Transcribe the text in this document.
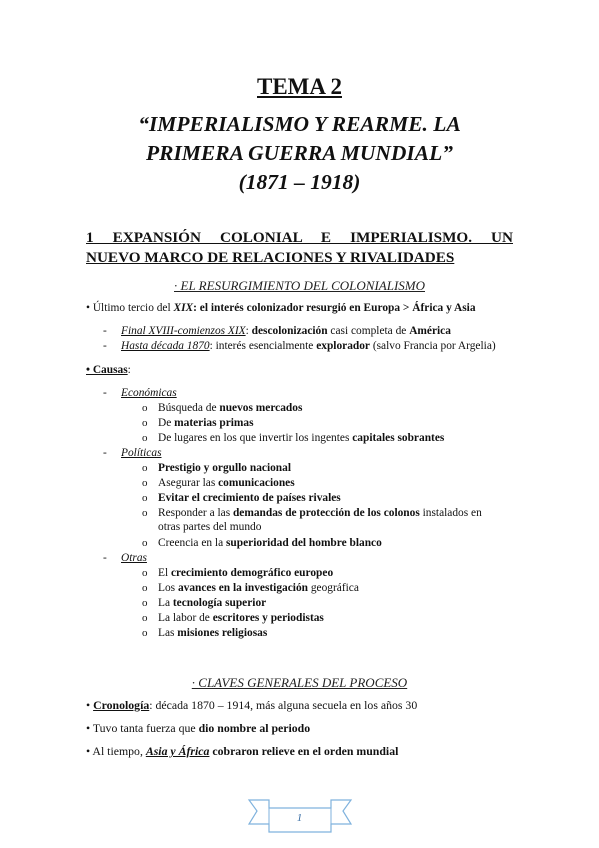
TEMA 2
“IMPERIALISMO Y REARME. LA
PRIMERA GUERRA MUNDIAL”
(1871 – 1918)
1 EXPANSIÓN COLONIAL E IMPERIALISMO. UN
NUEVO MARCO DE RELACIONES Y RIVALIDADES
· EL RESURGIMIENTO DEL COLONIALISMO
• Último tercio del XIX: el interés colonizador resurgió en Europa > África y Asia
- Final XVIII-comienzos XIX: descolonización casi completa de América
- Hasta década 1870: interés esencialmente explorador (salvo Francia por Argelia)
• Causas:
- Económicas
o Búsqueda de nuevos mercados
o De materias primas
o De lugares en los que invertir los ingentes capitales sobrantes
- Políticas
o Prestigio y orgullo nacional
o Asegurar las comunicaciones
o Evitar el crecimiento de países rivales
o Responder a las demandas de protección de los colonos instalados en
otras partes del mundo
o Creencia en la superioridad del hombre blanco
- Otras
o El crecimiento demográfico europeo
o Los avances en la investigación geográfica
o La tecnología superior
o La labor de escritores y periodistas
o Las misiones religiosas
· CLAVES GENERALES DEL PROCESO
• Cronología: década 1870 – 1914, más alguna secuela en los años 30
• Tuvo tanta fuerza que dio nombre al periodo
• Al tiempo, Asia y África cobraron relieve en el orden mundial
1
